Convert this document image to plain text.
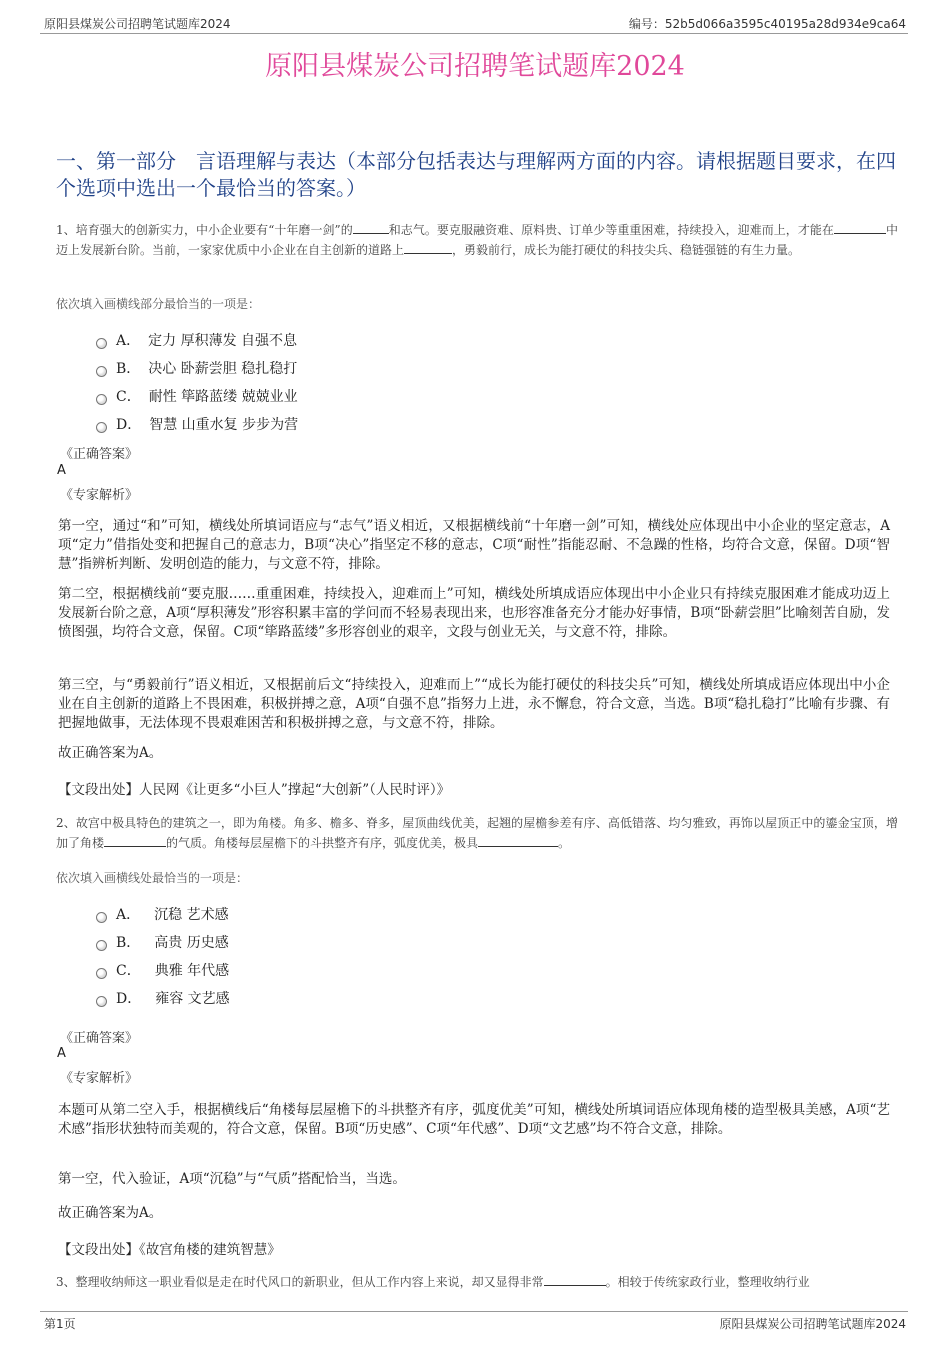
原阳县煤炭公司招聘笔试题库2024	编号：52b5d066a3595c40195a28d934e9ca64
原阳县煤炭公司招聘笔试题库2024
一、第一部分　言语理解与表达（本部分包括表达与理解两方面的内容。请根据题目要求，在四个选项中选出一个最恰当的答案。）
1、培育强大的创新实力，中小企业要有“十年磨一剑”的	和志气。要克服融资难、原料贵、订单少等重重困难，持续投入，迎难而上，才能在	中迈上发展新台阶。当前，一家家优质中小企业在自主创新的道路上	，勇毅前行，成长为能打硬仗的科技尖兵、稳链强链的有生力量。
依次填入画横线部分最恰当的一项是：
A． 定力 厚积薄发 自强不息
B． 决心 卧薪尝胆 稳扎稳打
C． 耐性 筚路蓝缕 兢兢业业
D． 智慧 山重水复 步步为营
《正确答案》
A
《专家解析》
第一空，通过“和”可知，横线处所填词语应与“志气”语义相近，又根据横线前“十年磨一剑”可知，横线处应体现出中小企业的坚定意志，A项“定力”借指处变和把握自己的意志力，B项“决心”指坚定不移的意志，C项“耐性”指能忍耐、不急躁的性格，均符合文意，保留。D项“智慧”指辨析判断、发明创造的能力，与文意不符，排除。
第二空，根据横线前“要克服……重重困难，持续投入，迎难而上”可知，横线处所填成语应体现出中小企业只有持续克服困难才能成功迈上发展新台阶之意，A项“厚积薄发”形容积累丰富的学问而不轻易表现出来，也形容准备充分才能办好事情，B项“卧薪尝胆”比喻刻苦自励，发愤图强，均符合文意，保留。C项“筚路蓝缕”多形容创业的艰辛，文段与创业无关，与文意不符，排除。
第三空，与“勇毅前行”语义相近，又根据前后文“持续投入，迎难而上”“成长为能打硬仗的科技尖兵”可知，横线处所填成语应体现出中小企业在自主创新的道路上不畏困难，积极拼搏之意，A项“自强不息”指努力上进，永不懈怠，符合文意，当选。B项“稳扎稳打”比喻有步骤、有把握地做事，无法体现不畏艰难困苦和积极拼搏之意，与文意不符，排除。
故正确答案为A。
【文段出处】人民网《让更多“小巨人”撑起“大创新”（人民时评）》
2、故宫中极具特色的建筑之一，即为角楼。角多、檐多、脊多，屋顶曲线优美，起翘的屋檐参差有序、高低错落、均匀雅致，再饰以屋顶正中的鎏金宝顶，增加了角楼	的气质。角楼每层屋檐下的斗拱整齐有序，弧度优美，极具	。
依次填入画横线处最恰当的一项是：
A． 沉稳 艺术感
B． 高贵 历史感
C． 典雅 年代感
D． 雍容 文艺感
《正确答案》
A
《专家解析》
本题可从第二空入手，根据横线后“角楼每层屋檐下的斗拱整齐有序，弧度优美”可知，横线处所填词语应体现角楼的造型极具美感，A项“艺术感”指形状独特而美观的，符合文意，保留。B项“历史感”、C项“年代感”、D项“文艺感”均不符合文意，排除。
第一空，代入验证，A项“沉稳”与“气质”搭配恰当，当选。
故正确答案为A。
【文段出处】《故宫角楼的建筑智慧》
3、整理收纳师这一职业看似是走在时代风口的新职业，但从工作内容上来说，却又显得非常	。相较于传统家政行业，整理收纳行业
第1页	原阳县煤炭公司招聘笔试题库2024
